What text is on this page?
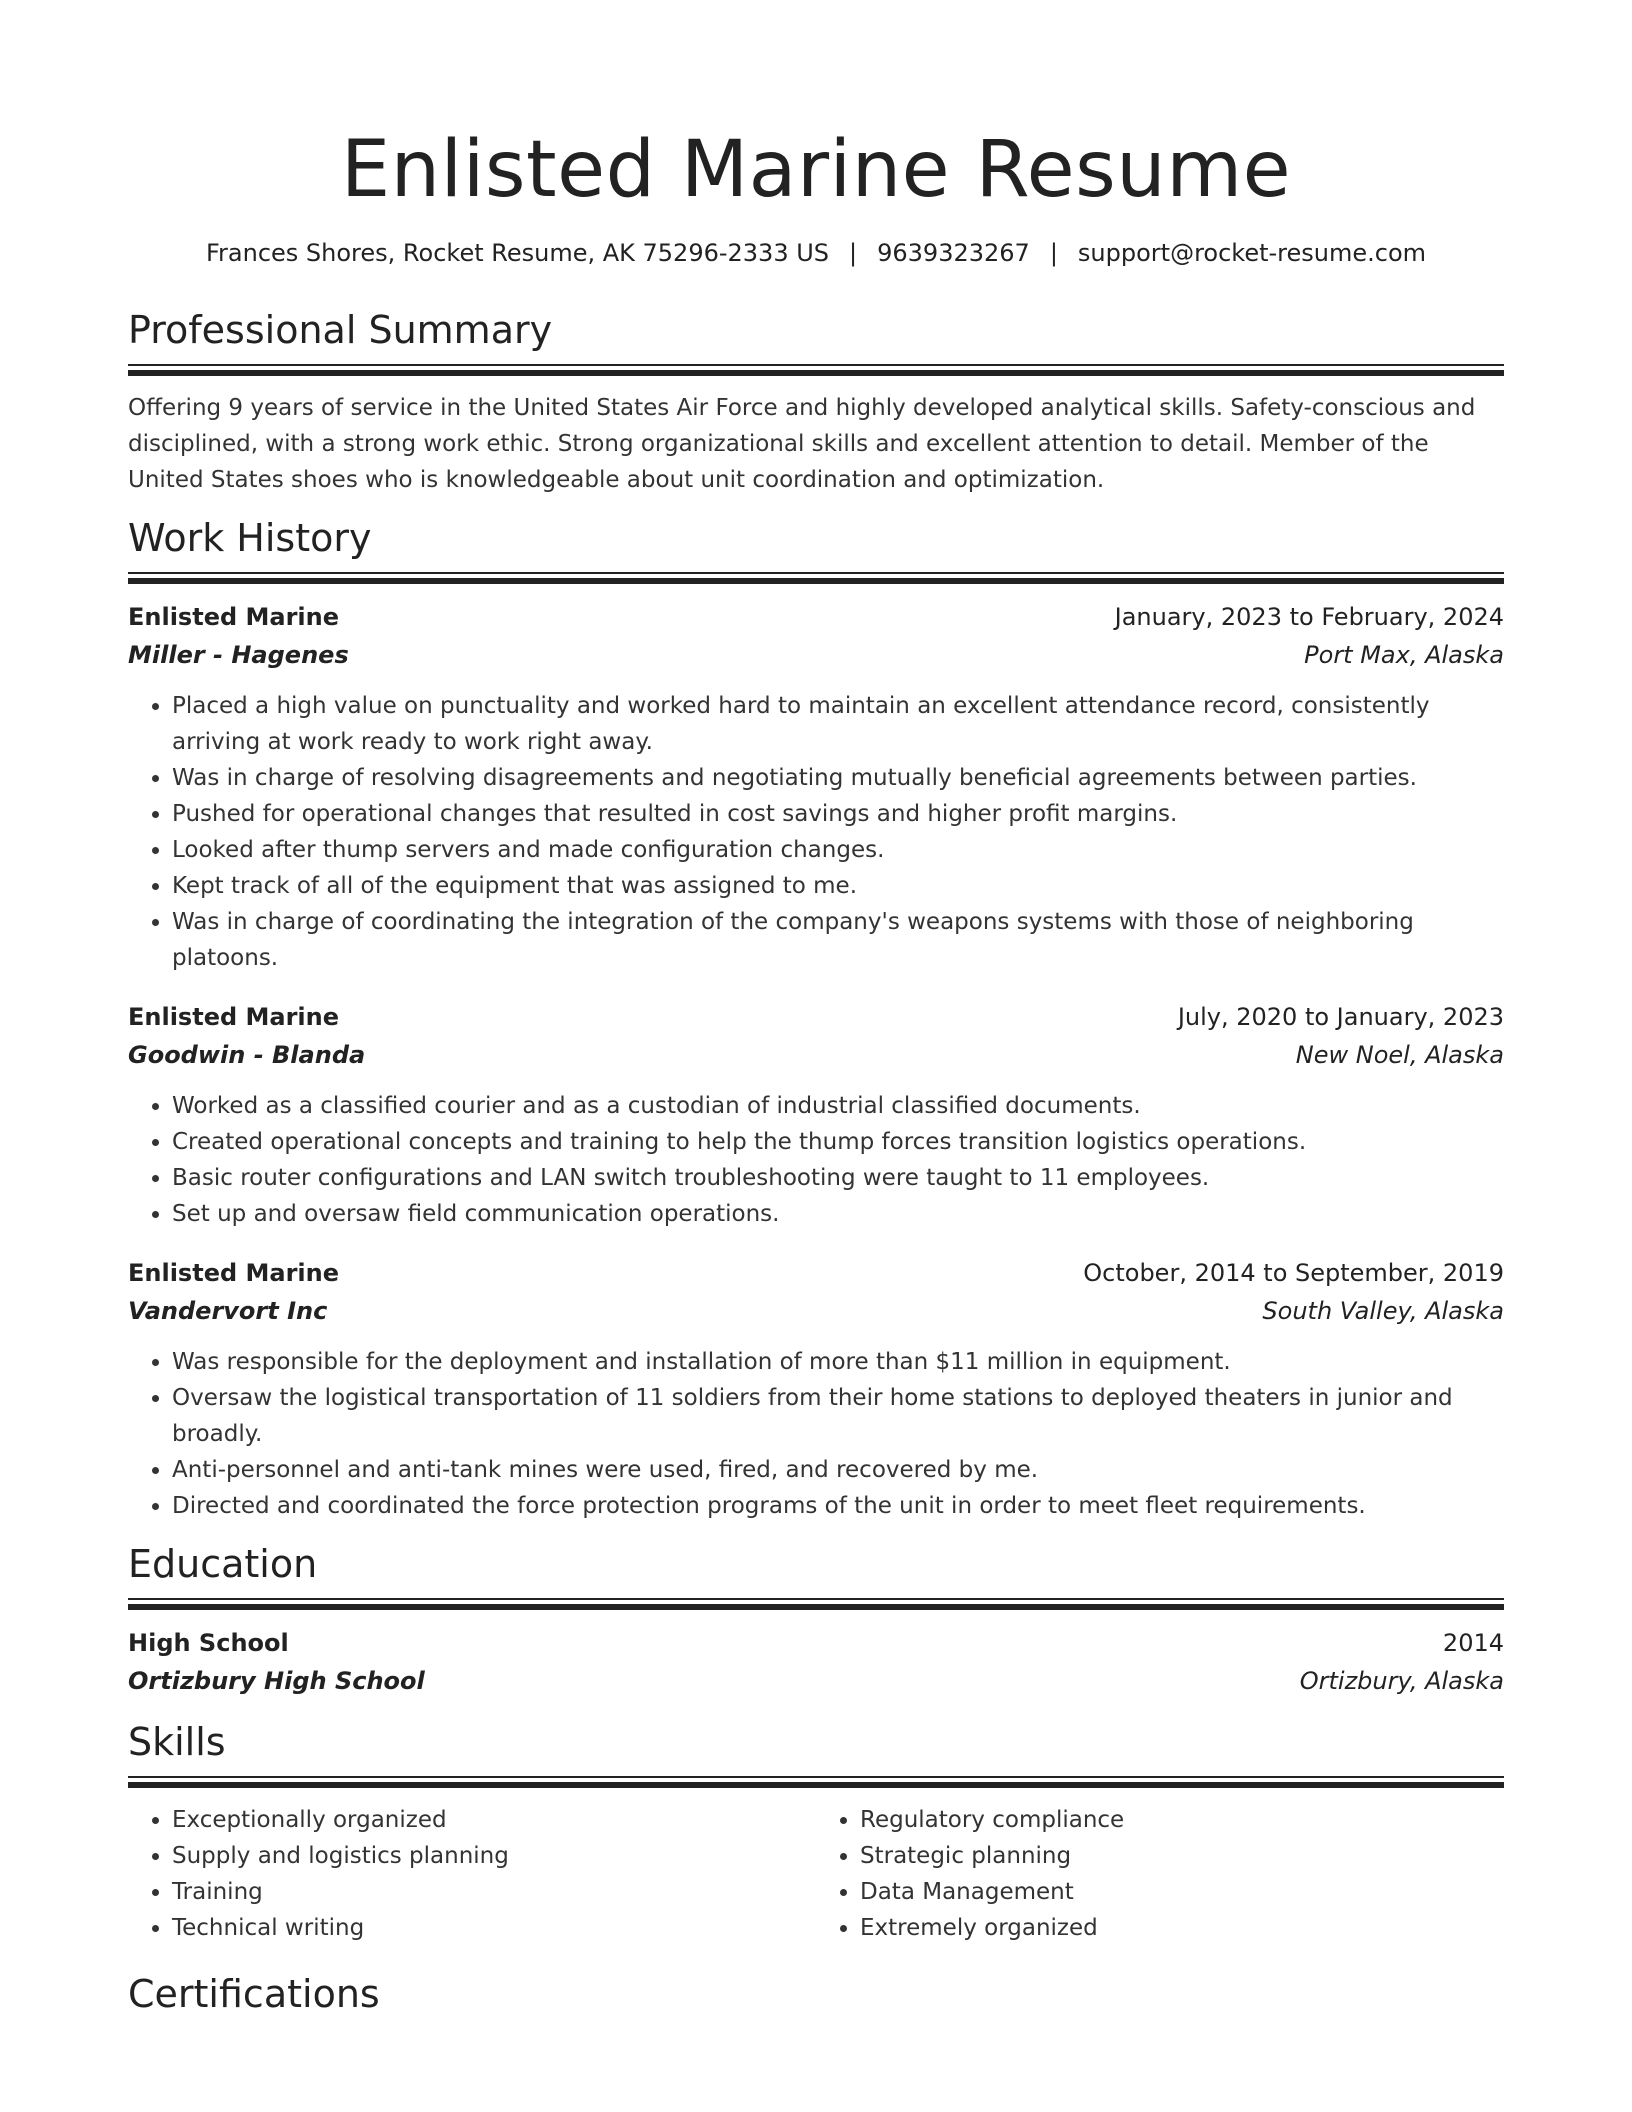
Enlisted Marine Resume
Frances Shores, Rocket Resume, AK 75296-2333 US | 9639323267 | support@rocket-resume.com
Professional Summary
Offering 9 years of service in the United States Air Force and highly developed analytical skills. Safety-conscious and disciplined, with a strong work ethic. Strong organizational skills and excellent attention to detail. Member of the United States shoes who is knowledgeable about unit coordination and optimization.
Work History
Enlisted Marine	January, 2023 to February, 2024
Miller - Hagenes	Port Max, Alaska
• Placed a high value on punctuality and worked hard to maintain an excellent attendance record, consistently arriving at work ready to work right away.
• Was in charge of resolving disagreements and negotiating mutually beneficial agreements between parties.
• Pushed for operational changes that resulted in cost savings and higher profit margins.
• Looked after thump servers and made configuration changes.
• Kept track of all of the equipment that was assigned to me.
• Was in charge of coordinating the integration of the company's weapons systems with those of neighboring platoons.
Enlisted Marine	July, 2020 to January, 2023
Goodwin - Blanda	New Noel, Alaska
• Worked as a classified courier and as a custodian of industrial classified documents.
• Created operational concepts and training to help the thump forces transition logistics operations.
• Basic router configurations and LAN switch troubleshooting were taught to 11 employees.
• Set up and oversaw field communication operations.
Enlisted Marine	October, 2014 to September, 2019
Vandervort Inc	South Valley, Alaska
• Was responsible for the deployment and installation of more than $11 million in equipment.
• Oversaw the logistical transportation of 11 soldiers from their home stations to deployed theaters in junior and broadly.
• Anti-personnel and anti-tank mines were used, fired, and recovered by me.
• Directed and coordinated the force protection programs of the unit in order to meet fleet requirements.
Education
High School	2014
Ortizbury High School	Ortizbury, Alaska
Skills
• Exceptionally organized
• Supply and logistics planning
• Training
• Technical writing
• Regulatory compliance
• Strategic planning
• Data Management
• Extremely organized
Certifications
